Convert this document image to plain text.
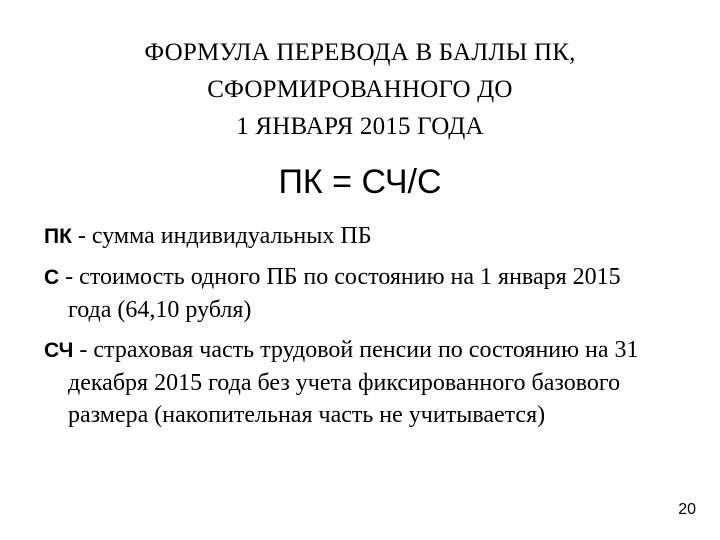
ФОРМУЛА ПЕРЕВОДА В БАЛЛЫ ПК,
СФОРМИРОВАННОГО ДО
1 ЯНВАРЯ 2015 ГОДА
ПК = СЧ/С

ПК - сумма индивидуальных ПБ

С - стоимость одного ПБ по состоянию на 1 января 2015 года (64,10 рубля)

СЧ - страховая часть трудовой пенсии по состоянию на 31 декабря 2015 года без учета фиксированного базового размера (накопительная часть не учитывается)

20
